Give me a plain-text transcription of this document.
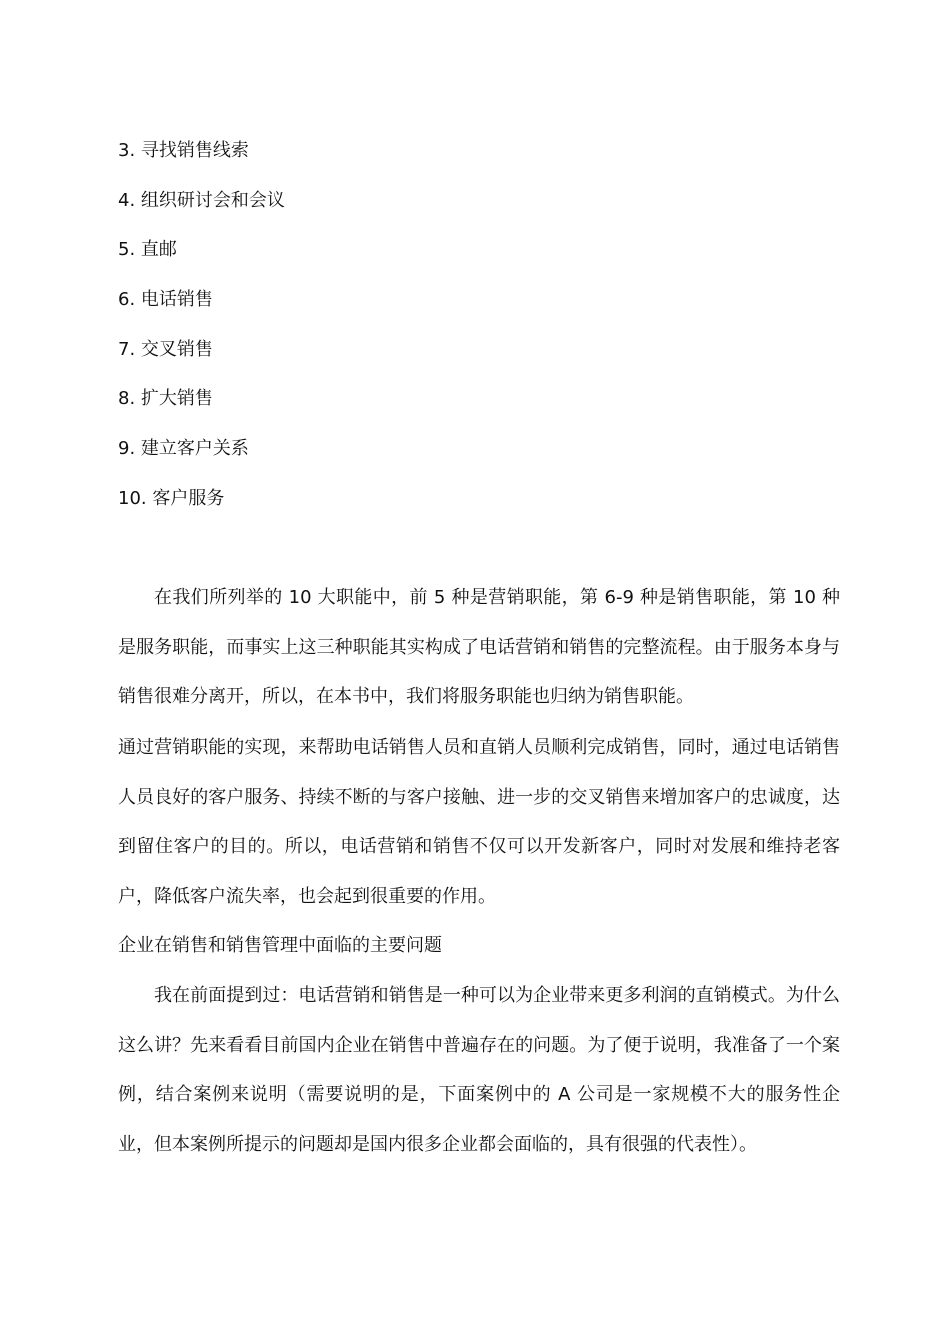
3. 寻找销售线索
4. 组织研讨会和会议
5. 直邮
6. 电话销售
7. 交叉销售
8. 扩大销售
9. 建立客户关系
10. 客户服务

在我们所列举的 10 大职能中，前 5 种是营销职能，第 6-9 种是销售职能，第 10 种是服务职能，而事实上这三种职能其实构成了电话营销和销售的完整流程。由于服务本身与销售很难分离开，所以，在本书中，我们将服务职能也归纳为销售职能。

通过营销职能的实现，来帮助电话销售人员和直销人员顺利完成销售，同时，通过电话销售人员良好的客户服务、持续不断的与客户接触、进一步的交叉销售来增加客户的忠诚度，达到留住客户的目的。所以，电话营销和销售不仅可以开发新客户，同时对发展和维持老客户，降低客户流失率，也会起到很重要的作用。

企业在销售和销售管理中面临的主要问题

我在前面提到过：电话营销和销售是一种可以为企业带来更多利润的直销模式。为什么这么讲？先来看看目前国内企业在销售中普遍存在的问题。为了便于说明，我准备了一个案例，结合案例来说明（需要说明的是，下面案例中的 A 公司是一家规模不大的服务性企业，但本案例所提示的问题却是国内很多企业都会面临的，具有很强的代表性）。
